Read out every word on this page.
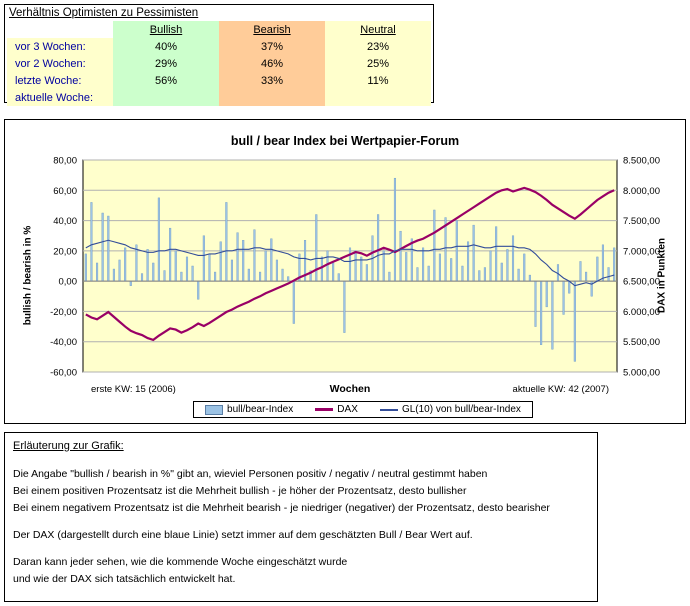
Verhältnis Optimisten zu Pessimisten
	Bullish	Bearish	Neutral
vor 3 Wochen:	40%	37%	23%
vor 2 Wochen:	29%	46%	25%
letzte Woche:	56%	33%	11%
aktuelle Woche:			
bull / bear Index bei Wertpapier-Forum
bullish / bearish in %	DAX in Punkten
80,00	8.500,00
60,00	8.000,00
40,00	7.500,00
20,00	7.000,00
0,00	6.500,00
-20,00	6.000,00
-40,00	5.500,00
-60,00	5.000,00
Wochen
erste KW: 15 (2006)	aktuelle KW: 42 (2007)
bull/bear-Index	DAX	GL(10) von bull/bear-Index
Erläuterung zur Grafik:
Die Angabe "bullish / bearish in %" gibt an, wieviel Personen positiv / negativ / neutral gestimmt haben
Bei einem positiven Prozentsatz ist die Mehrheit bullish - je höher der Prozentsatz, desto bullisher
Bei einem negativem Prozentsatz ist die Mehrheit bearish - je niedriger (negativer) der Prozentsatz, desto bearisher
Der DAX (dargestellt durch eine blaue Linie) setzt immer auf dem geschätzten Bull / Bear Wert auf.
Daran kann jeder sehen, wie die kommende Woche eingeschätzt wurde
und wie der DAX sich tatsächlich entwickelt hat.
